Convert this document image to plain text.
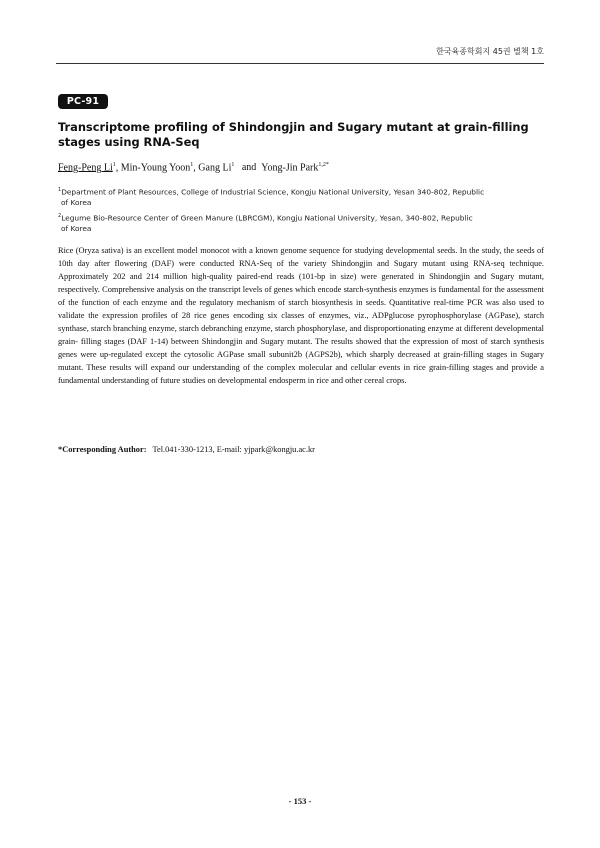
한국육종학회지 45권 별책 1호
PC-91
Transcriptome profiling of Shindongjin and Sugary mutant at grain-filling stages using RNA-Seq
Feng-Peng Li$^1$, Min-Young Yoon$^1$, Gang Li$^1$ and Yong-Jin Park$^{1,2*}$
$^1$Department of Plant Resources, College of Industrial Science, Kongju National University, Yesan 340-802, Republic
of Korea
$^2$Legume Bio-Resource Center of Green Manure (LBRCGM), Kongju National University, Yesan, 340-802, Republic
of Korea

Rice (Oryza sativa) is an excellent model monocot with a known genome sequence for studying developmental seeds. In the study, the seeds of 10th day after flowering (DAF) were conducted RNA-Seq of the variety Shindongjin and Sugary mutant using RNA-seq technique. Approximately 202 and 214 million high-quality paired-end reads (101-bp in size) were generated in Shindongjin and Sugary mutant, respectively. Comprehensive analysis on the transcript levels of genes which encode starch-synthesis enzymes is fundamental for the assessment of the function of each enzyme and the regulatory mechanism of starch biosynthesis in seeds. Quantitative real-time PCR was also used to validate the expression profiles of 28 rice genes encoding six classes of enzymes, viz., ADPglucose pyrophosphorylase (AGPase), starch synthase, starch branching enzyme, starch debranching enzyme, starch phosphorylase, and disproportionating enzyme at different developmental grain- filling stages (DAF 1-14) between Shindongjin and Sugary mutant. The results showed that the expression of most of starch synthesis genes were up-regulated except the cytosolic AGPase small subunit2b (AGPS2b), which sharply decreased at grain-filling stages in Sugary mutant. These results will expand our understanding of the complex molecular and cellular events in rice grain-filling stages and provide a fundamental understanding of future studies on developmental endosperm in rice and other cereal crops.

*Corresponding Author: Tel.041-330-1213, E-mail: yjpark@kongju.ac.kr
- 153 -
